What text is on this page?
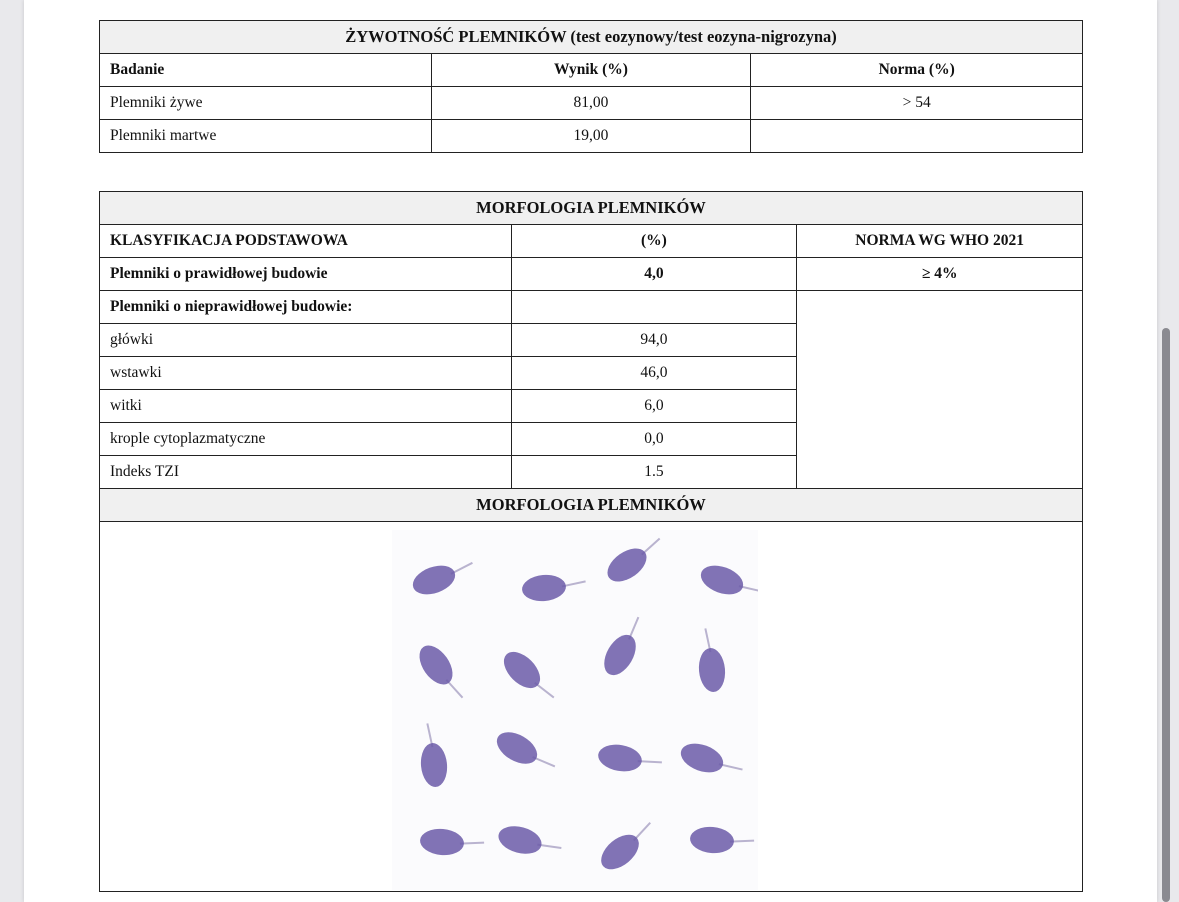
ŻYWOTNOŚĆ PLEMNIKÓW (test eozynowy/test eozyna-nigrozyna)		
Badanie	Wynik (%)	Norma (%)
Plemniki żywe	81,00	> 54
Plemniki martwe	19,00	
MORFOLOGIA PLEMNIKÓW		
KLASYFIKACJA PODSTAWOWA	(%)	NORMA WG WHO 2021
Plemniki o prawidłowej budowie	4,0	≥ 4%
Plemniki o nieprawidłowej budowie:		
główki	94,0	
wstawki	46,0	
witki	6,0	
krople cytoplazmatyczne	0,0	
Indeks TZI	1.5	
MORFOLOGIA PLEMNIKÓW		
